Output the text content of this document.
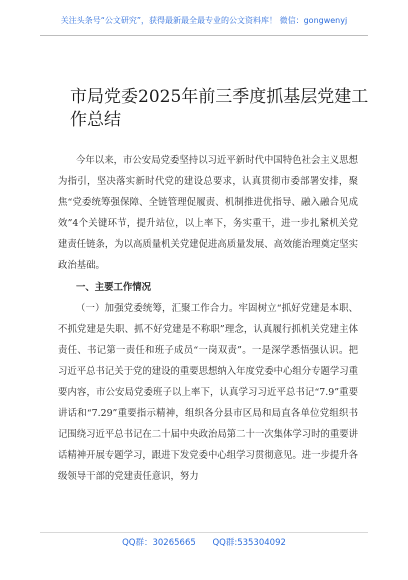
关注头条号“公文研究”，获得最新最全最专业的公文资料库！ 微信：gongwenyj
市局党委2025年前三季度抓基层党建工作总结

今年以来，市公安局党委坚持以习近平新时代中国特色社会主义思想为指引，坚决落实新时代党的建设总要求，认真贯彻市委部署安排，聚焦“党委统筹强保障、全链管理促履责、机制推进优指导、融入融合见成效”4个关键环节，提升站位，以上率下，务实重干，进一步扎紧机关党建责任链条，为以高质量机关党建促进高质量发展、高效能治理奠定坚实政治基础。

一、主要工作情况

（一）加强党委统筹，汇聚工作合力。牢固树立“抓好党建是本职、不抓党建是失职、抓不好党建是不称职”理念，认真履行抓机关党建主体责任、书记第一责任和班子成员“一岗双责”。一是深学悉悟强认识。把习近平总书记关于党的建设的重要思想纳入年度党委中心组分专题学习重要内容，市公安局党委班子以上率下，认真学习习近平总书记“7.9”重要讲话和“7.29”重要指示精神，组织各分县市区局和局直各单位党组织书记围绕习近平总书记在二十届中央政治局第二十一次集体学习时的重要讲话精神开展专题学习，跟进下发党委中心组学习贯彻意见。进一步提升各级领导干部的党建责任意识，努力

QQ群：30265665 QQ群:535304092
